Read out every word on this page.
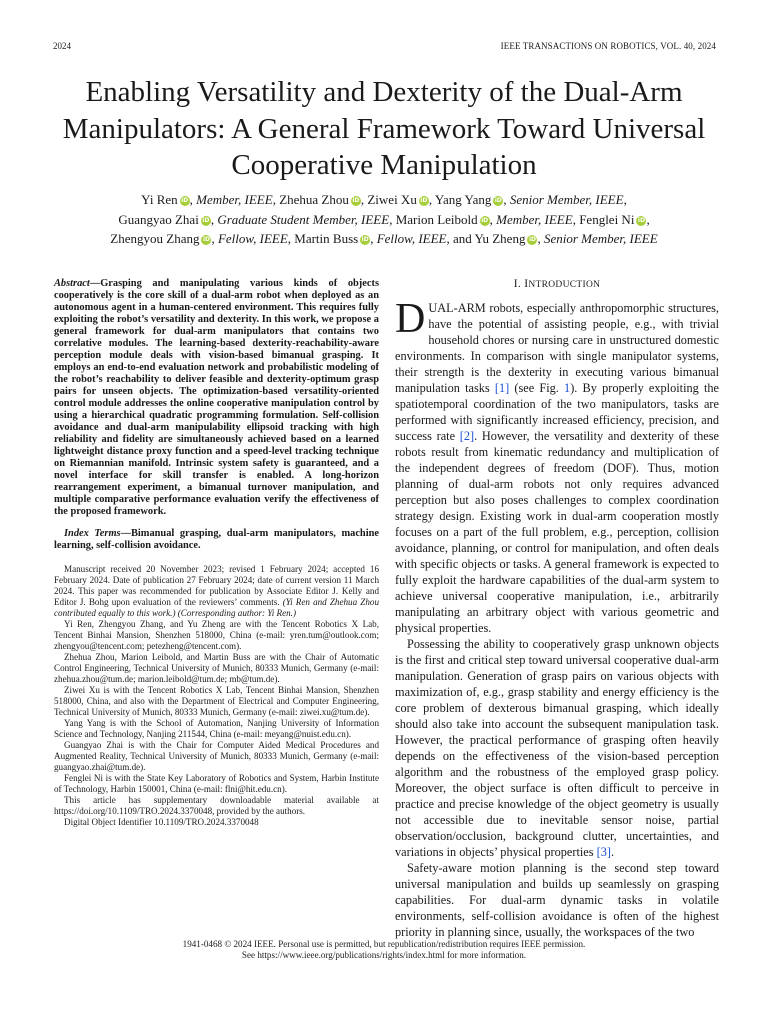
2024	IEEE TRANSACTIONS ON ROBOTICS, VOL. 40, 2024
Enabling Versatility and Dexterity of the Dual-Arm Manipulators: A General Framework Toward Universal Cooperative Manipulation
Yi Ren iD, Member, IEEE, Zhehua Zhou iD, Ziwei Xu iD, Yang Yang iD, Senior Member, IEEE,
Guangyao Zhai iD, Graduate Student Member, IEEE, Marion Leibold iD, Member, IEEE, Fenglei Ni iD,
Zhengyou Zhang iD, Fellow, IEEE, Martin Buss iD, Fellow, IEEE, and Yu Zheng iD, Senior Member, IEEE

Abstract—Grasping and manipulating various kinds of objects cooperatively is the core skill of a dual-arm robot when deployed as an autonomous agent in a human-centered environment. This requires fully exploiting the robot’s versatility and dexterity. In this work, we propose a general framework for dual-arm manipulators that contains two correlative modules. The learning-based dexterity-reachability-aware perception module deals with vision-based bimanual grasping. It employs an end-to-end evaluation network and probabilistic modeling of the robot’s reachability to deliver feasible and dexterity-optimum grasp pairs for unseen objects. The optimization-based versatility-oriented control module addresses the online cooperative manipulation control by using a hierarchical quadratic programming formulation. Self-collision avoidance and dual-arm manipulability ellipsoid tracking with high reliability and fidelity are simultaneously achieved based on a learned lightweight distance proxy function and a speed-level tracking technique on Riemannian manifold. Intrinsic system safety is guaranteed, and a novel interface for skill transfer is enabled. A long-horizon rearrangement experiment, a bimanual turnover manipulation, and multiple comparative performance evaluation verify the effectiveness of the proposed framework.

Index Terms—Bimanual grasping, dual-arm manipulators, machine learning, self-collision avoidance.

Manuscript received 20 November 2023; revised 1 February 2024; accepted 16 February 2024. Date of publication 27 February 2024; date of current version 11 March 2024. This paper was recommended for publication by Associate Editor J. Kelly and Editor J. Bohg upon evaluation of the reviewers’ comments. (Yi Ren and Zhehua Zhou contributed equally to this work.) (Corresponding author: Yi Ren.)

Yi Ren, Zhengyou Zhang, and Yu Zheng are with the Tencent Robotics X Lab, Tencent Binhai Mansion, Shenzhen 518000, China (e-mail: yren.tum@outlook.com; zhengyou@tencent.com; petezheng@tencent.com).

Zhehua Zhou, Marion Leibold, and Martin Buss are with the Chair of Automatic Control Engineering, Technical University of Munich, 80333 Munich, Germany (e-mail: zhehua.zhou@tum.de; marion.leibold@tum.de; mb@tum.de).

Ziwei Xu is with the Tencent Robotics X Lab, Tencent Binhai Mansion, Shenzhen 518000, China, and also with the Department of Electrical and Computer Engineering, Technical University of Munich, 80333 Munich, Germany (e-mail: ziwei.xu@tum.de).

Yang Yang is with the School of Automation, Nanjing University of Information Science and Technology, Nanjing 211544, China (e-mail: meyang@nuist.edu.cn).

Guangyao Zhai is with the Chair for Computer Aided Medical Procedures and Augmented Reality, Technical University of Munich, 80333 Munich, Germany (e-mail: guangyao.zhai@tum.de).

Fenglei Ni is with the State Key Laboratory of Robotics and System, Harbin Institute of Technology, Harbin 150001, China (e-mail: flni@hit.edu.cn).

This article has supplementary downloadable material available at https://doi.org/10.1109/TRO.2024.3370048, provided by the authors.

Digital Object Identifier 10.1109/TRO.2024.3370048

I. INTRODUCTION

DUAL-ARM robots, especially anthropomorphic structures, have the potential of assisting people, e.g., with trivial household chores or nursing care in unstructured domestic environments. In comparison with single manipulator systems, their strength is the dexterity in executing various bimanual manipulation tasks [1] (see Fig. 1). By properly exploiting the spatiotemporal coordination of the two manipulators, tasks are performed with significantly increased efficiency, precision, and success rate [2]. However, the versatility and dexterity of these robots result from kinematic redundancy and multiplication of the independent degrees of freedom (DOF). Thus, motion planning of dual-arm robots not only requires advanced perception but also poses challenges to complex coordination strategy design. Existing work in dual-arm cooperation mostly focuses on a part of the full problem, e.g., perception, collision avoidance, planning, or control for manipulation, and often deals with specific objects or tasks. A general framework is expected to fully exploit the hardware capabilities of the dual-arm system to achieve universal cooperative manipulation, i.e., arbitrarily manipulating an arbitrary object with various geometric and physical properties.

Possessing the ability to cooperatively grasp unknown objects is the first and critical step toward universal cooperative dual-arm manipulation. Generation of grasp pairs on various objects with maximization of, e.g., grasp stability and energy efficiency is the core problem of dexterous bimanual grasping, which ideally should also take into account the subsequent manipulation task. However, the practical performance of grasping often heavily depends on the effectiveness of the vision-based perception algorithm and the robustness of the employed grasp policy. Moreover, the object surface is often difficult to perceive in practice and precise knowledge of the object geometry is usually not accessible due to inevitable sensor noise, partial observation/occlusion, background clutter, uncertainties, and variations in objects’ physical properties [3].

Safety-aware motion planning is the second step toward universal manipulation and builds up seamlessly on grasping capabilities. For dual-arm dynamic tasks in volatile environments, self-collision avoidance is often of the highest priority in planning since, usually, the workspaces of the two

1941-0468 © 2024 IEEE. Personal use is permitted, but republication/redistribution requires IEEE permission.
See https://www.ieee.org/publications/rights/index.html for more information.
